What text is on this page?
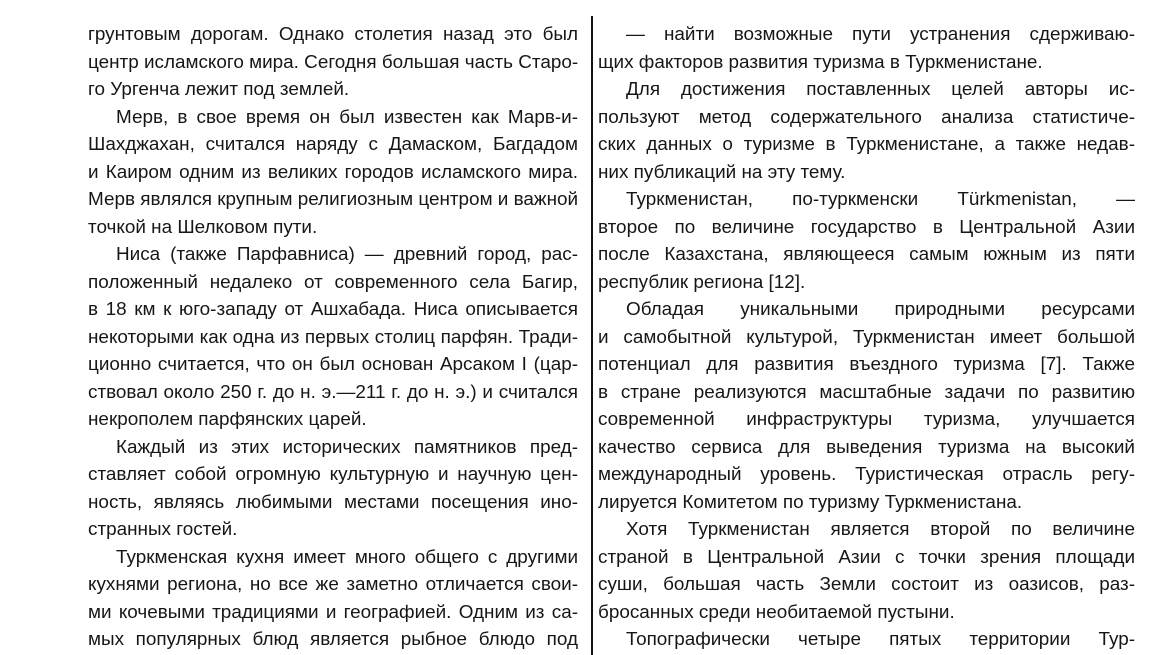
грунтовым дорогам. Однако столетия назад это был
центр исламского мира. Сегодня большая часть Старо-
го Ургенча лежит под землей.
Мерв, в свое время он был известен как Марв-и-
Шахджахан, считался наряду с Дамаском, Багдадом
и Каиром одним из великих городов исламского мира.
Мерв являлся крупным религиозным центром и важной
точкой на Шелковом пути.
Ниса (также Парфавниса) — древний город, рас-
положенный недалеко от современного села Багир,
в 18 км к юго-западу от Ашхабада. Ниса описывается
некоторыми как одна из первых столиц парфян. Тради-
ционно считается, что он был основан Арсаком I (цар-
ствовал около 250 г. до н. э.—211 г. до н. э.) и считался
некрополем парфянских царей.
Каждый из этих исторических памятников пред-
ставляет собой огромную культурную и научную цен-
ность, являясь любимыми местами посещения ино-
странных гостей.
Туркменская кухня имеет много общего с другими
кухнями региона, но все же заметно отличается свои-
ми кочевыми традициями и географией. Одним из са-
мых популярных блюд является рыбное блюдо под
— найти возможные пути устранения сдерживаю-
щих факторов развития туризма в Туркменистане.
Для достижения поставленных целей авторы ис-
пользуют метод содержательного анализа статистиче-
ских данных о туризме в Туркменистане, а также недав-
них публикаций на эту тему.
Туркменистан, по-туркменски Türkmenistan, —
второе по величине государство в Центральной Азии
после Казахстана, являющееся самым южным из пяти
республик региона [12].
Обладая уникальными природными ресурсами
и самобытной культурой, Туркменистан имеет большой
потенциал для развития въездного туризма [7]. Также
в стране реализуются масштабные задачи по развитию
современной инфраструктуры туризма, улучшается
качество сервиса для выведения туризма на высокий
международный уровень. Туристическая отрасль регу-
лируется Комитетом по туризму Туркменистана.
Хотя Туркменистан является второй по величине
страной в Центральной Азии с точки зрения площади
суши, большая часть Земли состоит из оазисов, раз-
бросанных среди необитаемой пустыни.
Топографически четыре пятых территории Тур-
